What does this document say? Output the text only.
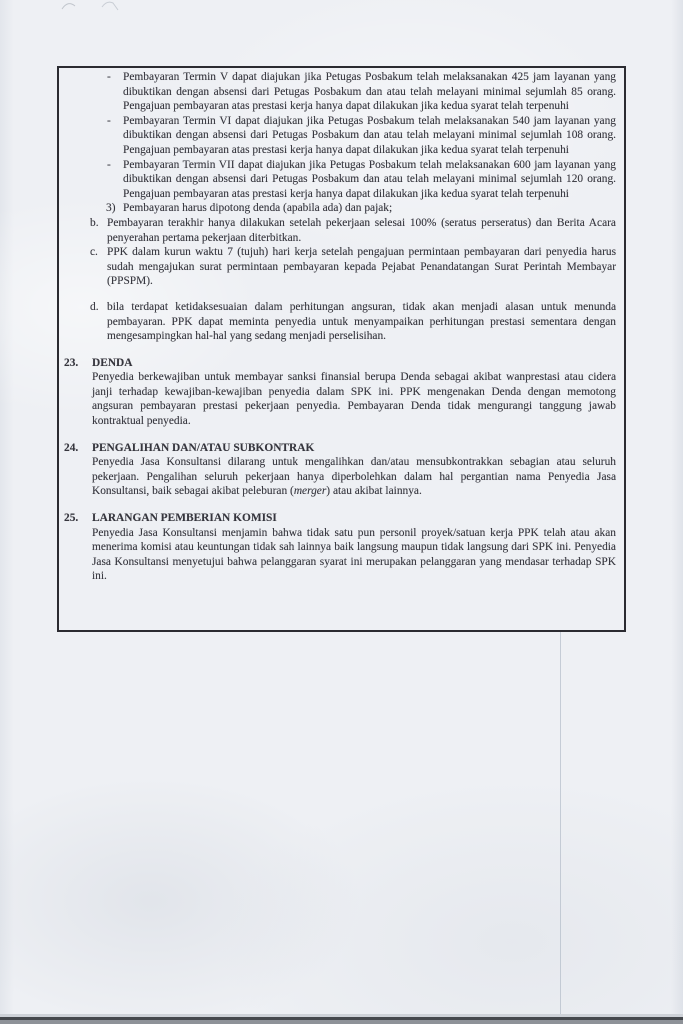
-	Pembayaran Termin V dapat diajukan jika Petugas Posbakum telah melaksanakan 425 jam layanan yang dibuktikan dengan absensi dari Petugas Posbakum dan atau telah melayani minimal sejumlah 85 orang. Pengajuan pembayaran atas prestasi kerja hanya dapat dilakukan jika kedua syarat telah terpenuhi
-	Pembayaran Termin VI dapat diajukan jika Petugas Posbakum telah melaksanakan 540 jam layanan yang dibuktikan dengan absensi dari Petugas Posbakum dan atau telah melayani minimal sejumlah 108 orang. Pengajuan pembayaran atas prestasi kerja hanya dapat dilakukan jika kedua syarat telah terpenuhi
-	Pembayaran Termin VII dapat diajukan jika Petugas Posbakum telah melaksanakan 600 jam layanan yang dibuktikan dengan absensi dari Petugas Posbakum dan atau telah melayani minimal sejumlah 120 orang. Pengajuan pembayaran atas prestasi kerja hanya dapat dilakukan jika kedua syarat telah terpenuhi
3) Pembayaran harus dipotong denda (apabila ada) dan pajak;
b. Pembayaran terakhir hanya dilakukan setelah pekerjaan selesai 100% (seratus perseratus) dan Berita Acara penyerahan pertama pekerjaan diterbitkan.
c. PPK dalam kurun waktu 7 (tujuh) hari kerja setelah pengajuan permintaan pembayaran dari penyedia harus sudah mengajukan surat permintaan pembayaran kepada Pejabat Penandatangan Surat Perintah Membayar (PPSPM).
d. bila terdapat ketidaksesuaian dalam perhitungan angsuran, tidak akan menjadi alasan untuk menunda pembayaran. PPK dapat meminta penyedia untuk menyampaikan perhitungan prestasi sementara dengan mengesampingkan hal-hal yang sedang menjadi perselisihan.
23.	DENDA
Penyedia berkewajiban untuk membayar sanksi finansial berupa Denda sebagai akibat wanprestasi atau cidera janji terhadap kewajiban-kewajiban penyedia dalam SPK ini. PPK mengenakan Denda dengan memotong angsuran pembayaran prestasi pekerjaan penyedia. Pembayaran Denda tidak mengurangi tanggung jawab kontraktual penyedia.
24.	PENGALIHAN DAN/ATAU SUBKONTRAK
Penyedia Jasa Konsultansi dilarang untuk mengalihkan dan/atau mensubkontrakkan sebagian atau seluruh pekerjaan. Pengalihan seluruh pekerjaan hanya diperbolehkan dalam hal pergantian nama Penyedia Jasa Konsultansi, baik sebagai akibat peleburan (merger) atau akibat lainnya.
25.	LARANGAN PEMBERIAN KOMISI
Penyedia Jasa Konsultansi menjamin bahwa tidak satu pun personil proyek/satuan kerja PPK telah atau akan menerima komisi atau keuntungan tidak sah lainnya baik langsung maupun tidak langsung dari SPK ini. Penyedia Jasa Konsultansi menyetujui bahwa pelanggaran syarat ini merupakan pelanggaran yang mendasar terhadap SPK ini.
